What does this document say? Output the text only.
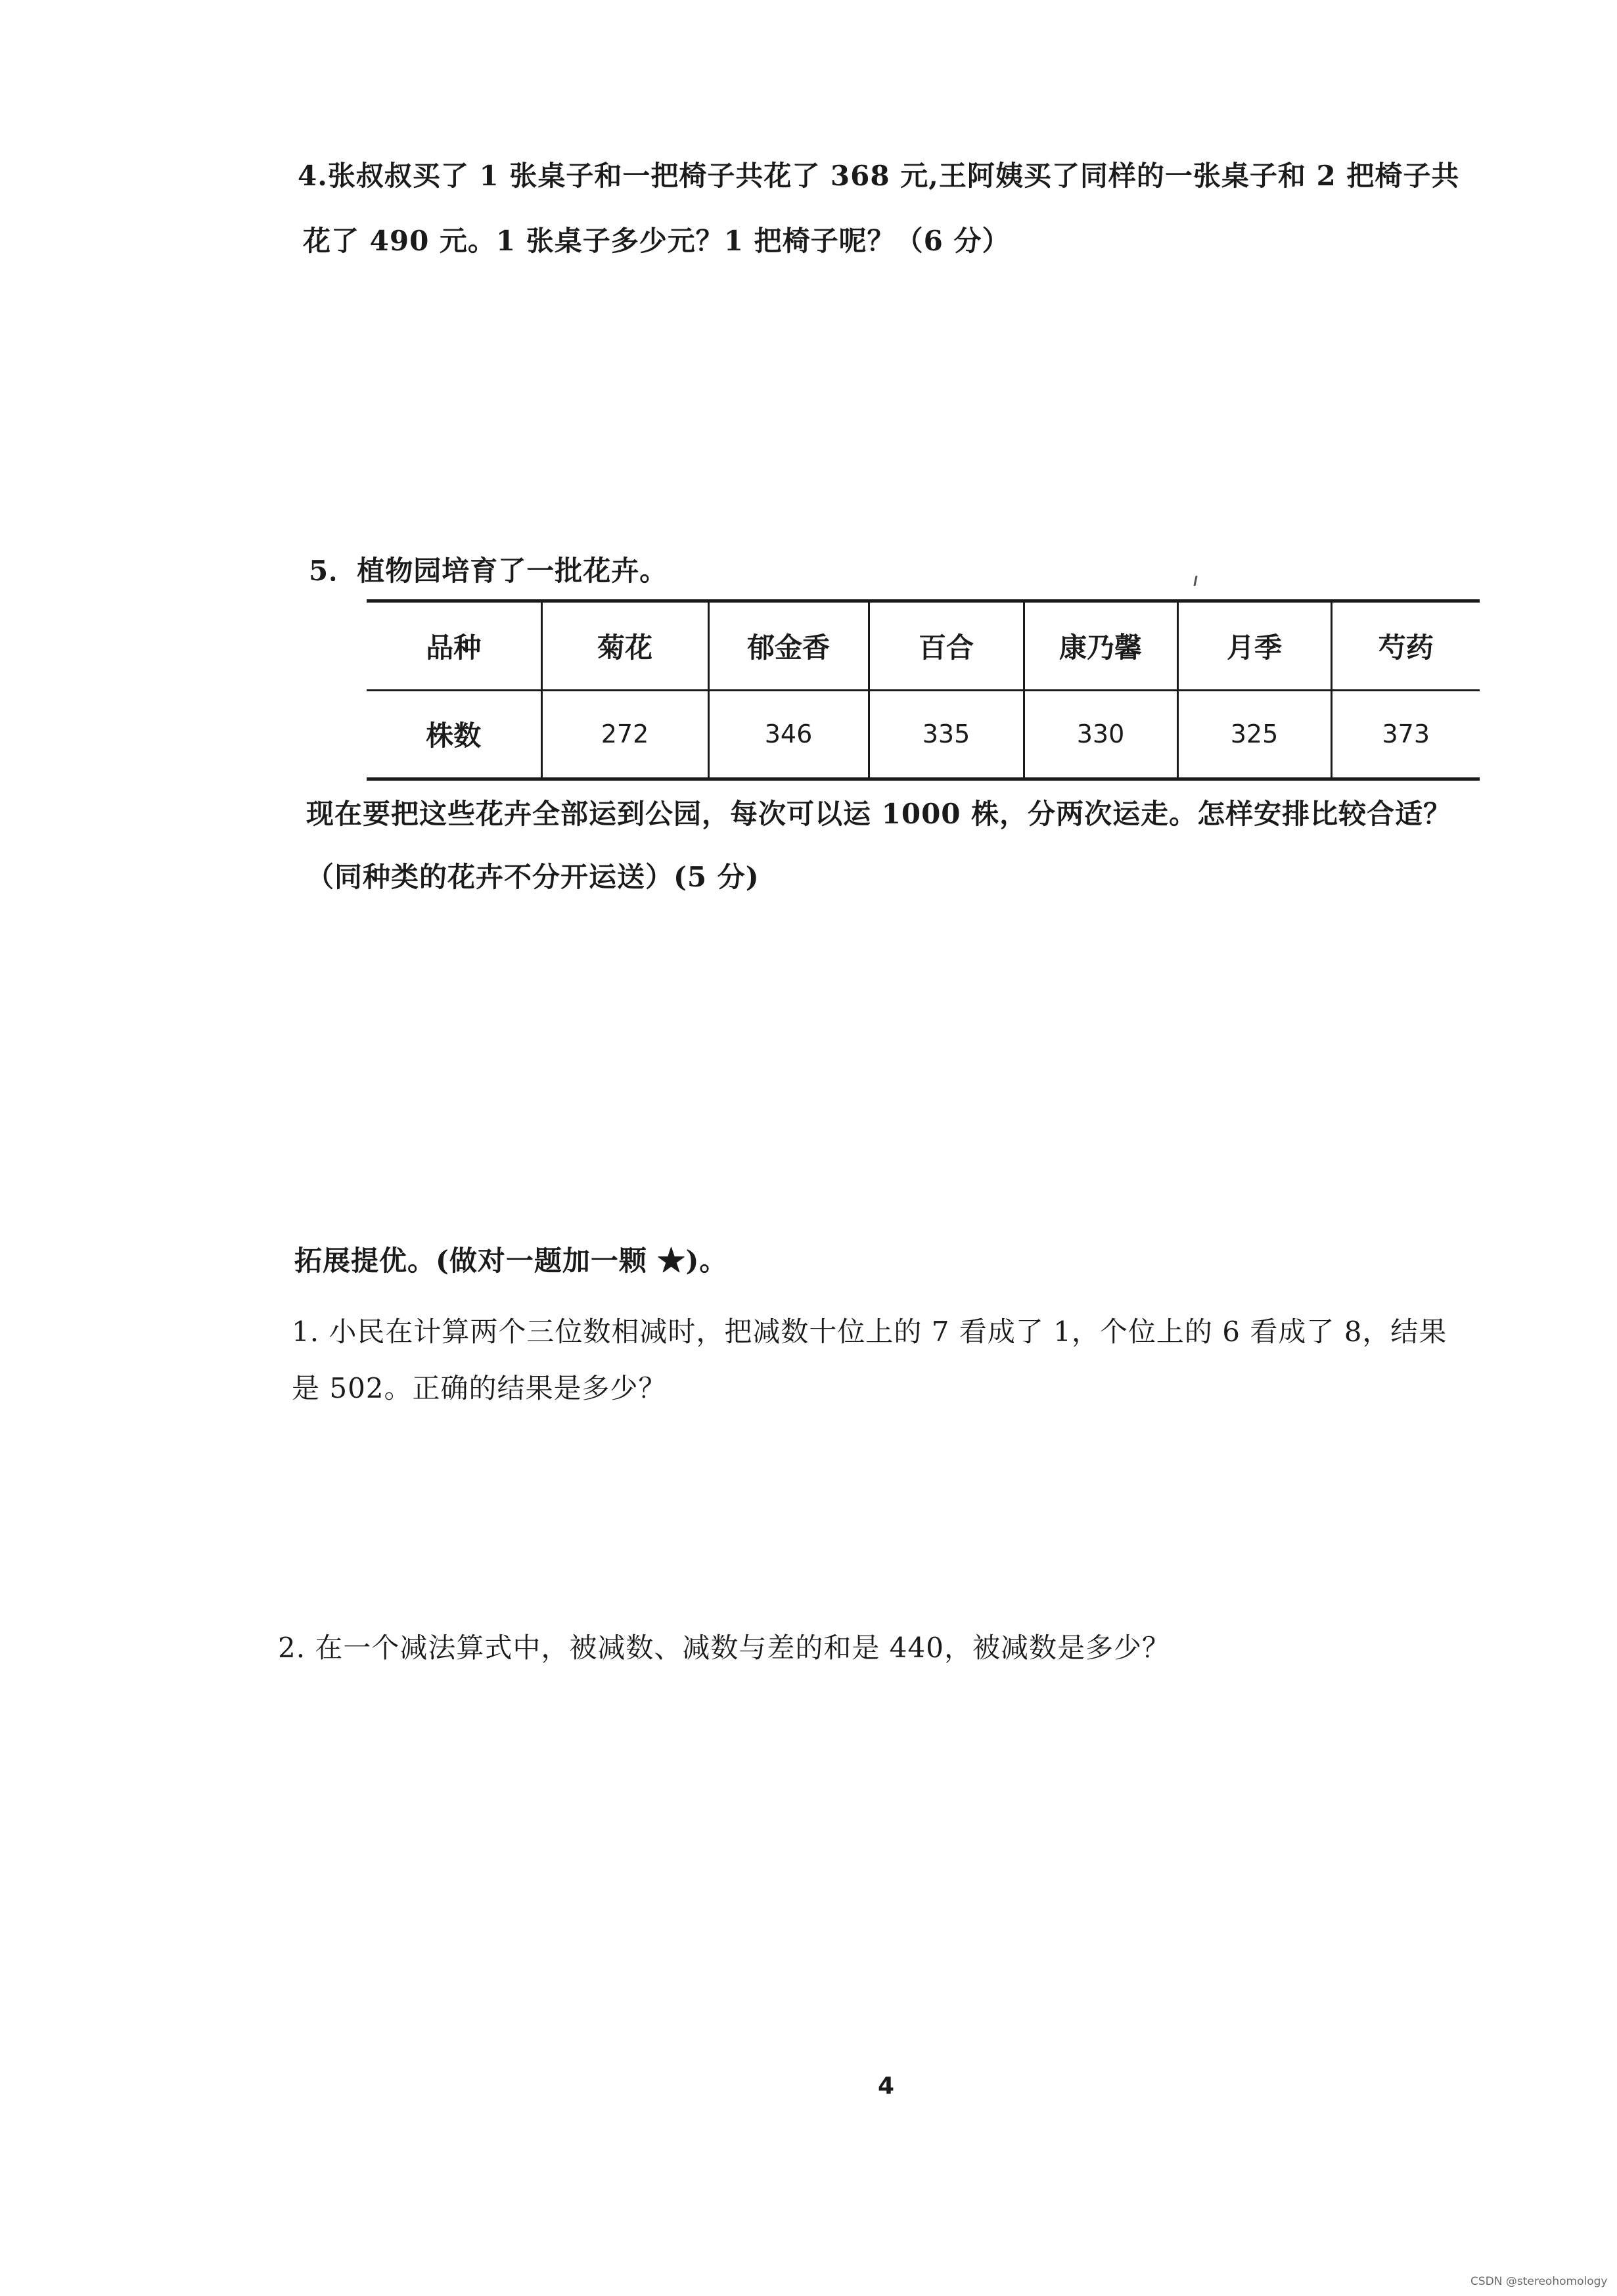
4.张叔叔买了 1 张桌子和一把椅子共花了 368 元,王阿姨买了同样的一张桌子和 2 把椅子共
花了 490 元。1 张桌子多少元？1 把椅子呢？（6 分）
5．植物园培育了一批花卉。
品种	菊花	郁金香	百合	康乃馨	月季	芍药
株数	272	346	335	330	325	373
现在要把这些花卉全部运到公园，每次可以运 1000 株，分两次运走。怎样安排比较合适？
（同种类的花卉不分开运送）(5 分)
拓展提优。(做对一题加一颗 ★)。
1. 小民在计算两个三位数相减时，把减数十位上的 7 看成了 1，个位上的 6 看成了 8，结果
是 502。正确的结果是多少？
2. 在一个减法算式中，被减数、减数与差的和是 440，被减数是多少？
4
CSDN @stereohomology
